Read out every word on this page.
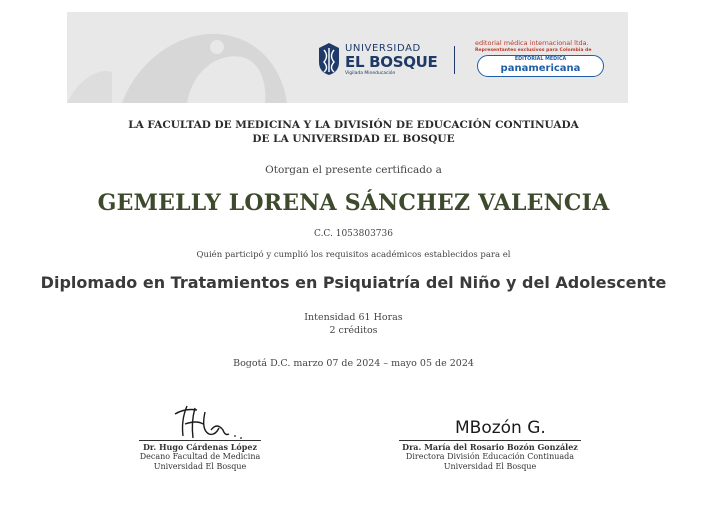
UNIVERSIDAD
EL BOSQUE
Vigilada Mineducación
editorial médica internacional ltda.
Representantes exclusivos para Colombia de
EDITORIAL MÉDICA
panamericana
LA FACULTAD DE MEDICINA Y LA DIVISIÓN DE EDUCACIÓN CONTINUADA
DE LA UNIVERSIDAD EL BOSQUE
Otorgan el presente certificado a
GEMELLY LORENA SÁNCHEZ VALENCIA
C.C. 1053803736
Quién participó y cumplió los requisitos académicos establecidos para el
Diplomado en Tratamientos en Psiquiatría del Niño y del Adolescente
Intensidad 61 Horas
2 créditos
Bogotá D.C. marzo 07 de 2024 – mayo 05 de 2024
Dr. Hugo Cárdenas López
Decano Facultad de Medicina
Universidad El Bosque
MBozón G.
Dra. María del Rosario Bozón González
Directora División Educación Continuada
Universidad El Bosque
